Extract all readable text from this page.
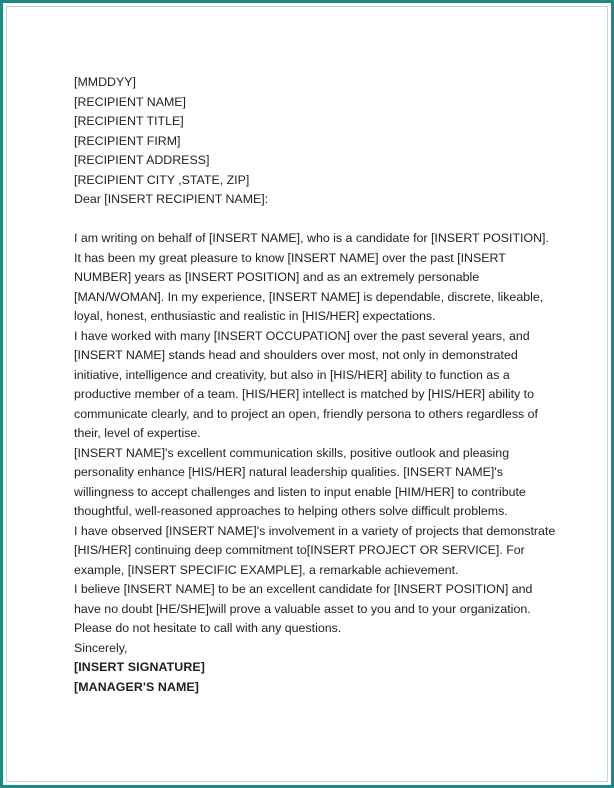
[MMDDYY]
[RECIPIENT NAME]
[RECIPIENT TITLE]
[RECIPIENT FIRM]
[RECIPIENT ADDRESS]
[RECIPIENT CITY ,STATE, ZIP]
Dear [INSERT RECIPIENT NAME]:
I am writing on behalf of [INSERT NAME], who is a candidate for [INSERT POSITION].
It has been my great pleasure to know [INSERT NAME] over the past [INSERT
NUMBER] years as [INSERT POSITION] and as an extremely personable
[MAN/WOMAN]. In my experience, [INSERT NAME] is dependable, discrete, likeable,
loyal, honest, enthusiastic and realistic in [HIS/HER] expectations.
I have worked with many [INSERT OCCUPATION] over the past several years, and
[INSERT NAME] stands head and shoulders over most, not only in demonstrated
initiative, intelligence and creativity, but also in [HIS/HER] ability to function as a
productive member of a team. [HIS/HER] intellect is matched by [HIS/HER] ability to
communicate clearly, and to project an open, friendly persona to others regardless of
their, level of expertise.
[INSERT NAME]'s excellent communication skills, positive outlook and pleasing
personality enhance [HIS/HER] natural leadership qualities. [INSERT NAME]'s
willingness to accept challenges and listen to input enable [HIM/HER] to contribute
thoughtful, well-reasoned approaches to helping others solve difficult problems.
I have observed [INSERT NAME]'s involvement in a variety of projects that demonstrate
[HIS/HER] continuing deep commitment to[INSERT PROJECT OR SERVICE]. For
example, [INSERT SPECIFIC EXAMPLE], a remarkable achievement.
I believe [INSERT NAME] to be an excellent candidate for [INSERT POSITION] and
have no doubt [HE/SHE]will prove a valuable asset to you and to your organization.
Please do not hesitate to call with any questions.
Sincerely,
[INSERT SIGNATURE]
[MANAGER'S NAME]
